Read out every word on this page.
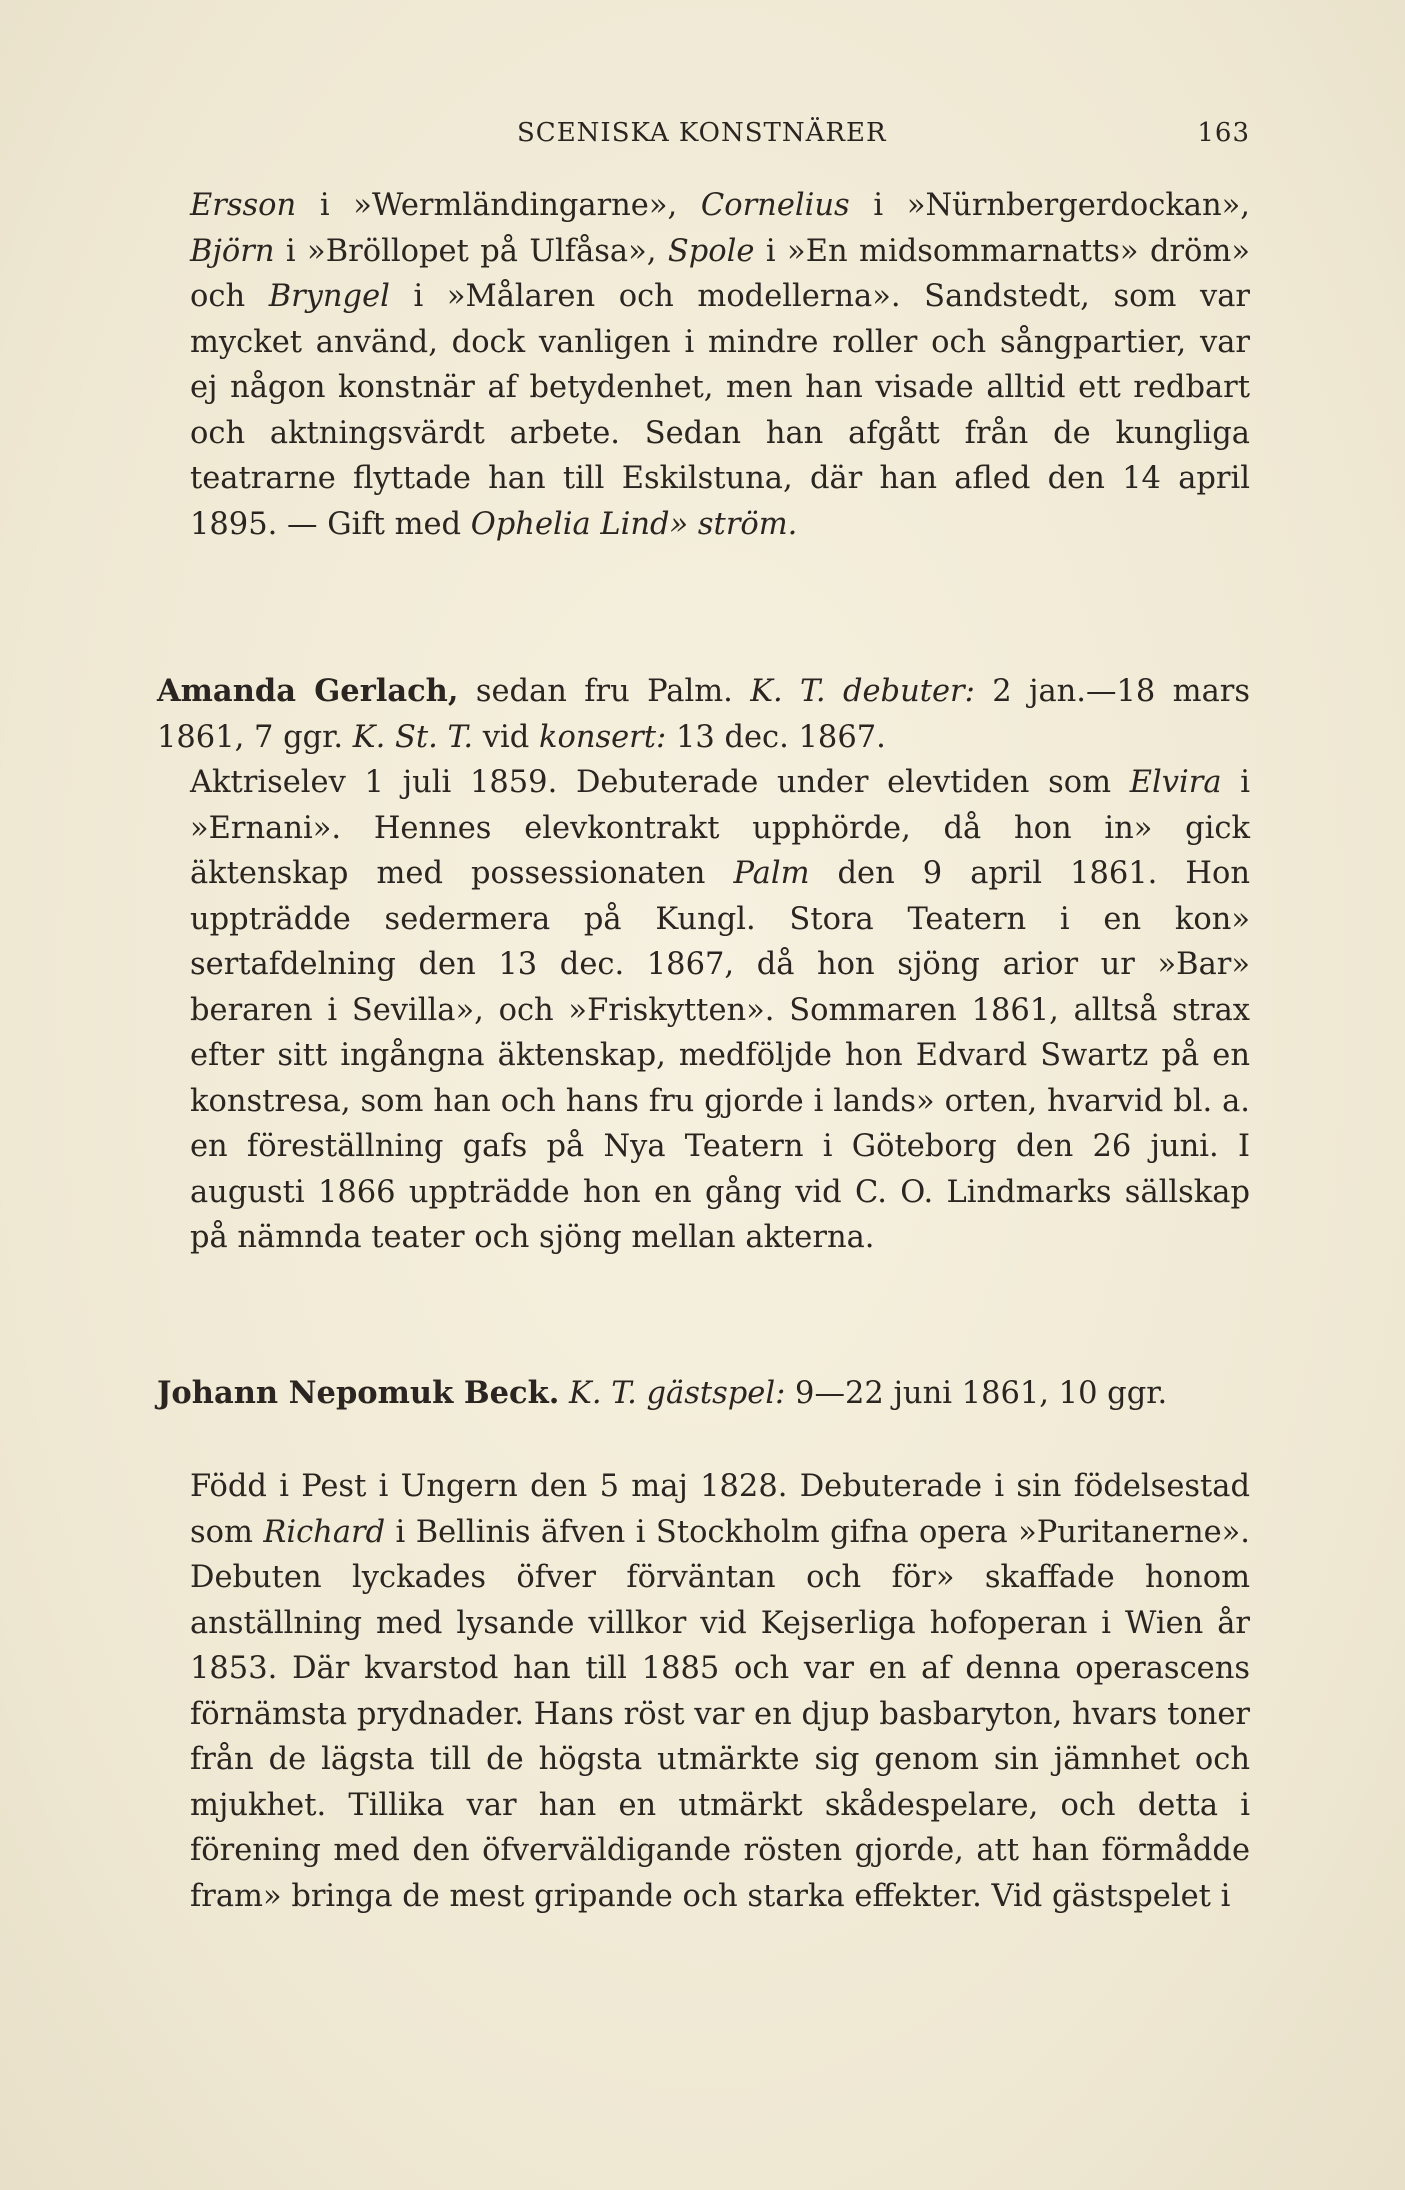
SCENISKA KONSTNÄRER	163

Ersson i »Wermländingarne», Cornelius i »Nürnbergerdockan», Björn i »Bröllopet på Ulfåsa», Spole i »En midsommarnatts» dröm» och Bryngel i »Målaren och modellerna». Sandstedt, som var mycket använd, dock vanligen i mindre roller och sångpartier, var ej någon konstnär af betydenhet, men han visade alltid ett redbart och aktningsvärdt arbete. Sedan han afgått från de kungliga teatrarne flyttade han till Eskilstuna, där han afled den 14 april 1895. — Gift med Ophelia Lind» ström.

Amanda Gerlach, sedan fru Palm. K. T. debuter: 2 jan.—18 mars 1861, 7 ggr. K. St. T. vid konsert: 13 dec. 1867.

Aktriselev 1 juli 1859. Debuterade under elevtiden som Elvira i »Ernani». Hennes elevkontrakt upphörde, då hon in» gick äktenskap med possessionaten Palm den 9 april 1861. Hon uppträdde sedermera på Kungl. Stora Teatern i en kon» sertafdelning den 13 dec. 1867, då hon sjöng arior ur »Bar» beraren i Sevilla», och »Friskytten». Sommaren 1861, alltså strax efter sitt ingångna äktenskap, medföljde hon Edvard Swartz på en konstresa, som han och hans fru gjorde i lands» orten, hvarvid bl. a. en föreställning gafs på Nya Teatern i Göteborg den 26 juni. I augusti 1866 uppträdde hon en gång vid C. O. Lindmarks sällskap på nämnda teater och sjöng mellan akterna.

Johann Nepomuk Beck. K. T. gästspel: 9—22 juni 1861, 10 ggr.

Född i Pest i Ungern den 5 maj 1828. Debuterade i sin födelsestad som Richard i Bellinis äfven i Stockholm gifna opera »Puritanerne». Debuten lyckades öfver förväntan och för» skaffade honom anställning med lysande villkor vid Kejserliga hofoperan i Wien år 1853. Där kvarstod han till 1885 och var en af denna operascens förnämsta prydnader. Hans röst var en djup basbaryton, hvars toner från de lägsta till de högsta utmärkte sig genom sin jämnhet och mjukhet. Tillika var han en utmärkt skådespelare, och detta i förening med den öfverväldigande rösten gjorde, att han förmådde fram» bringa de mest gripande och starka effekter. Vid gästspelet i
